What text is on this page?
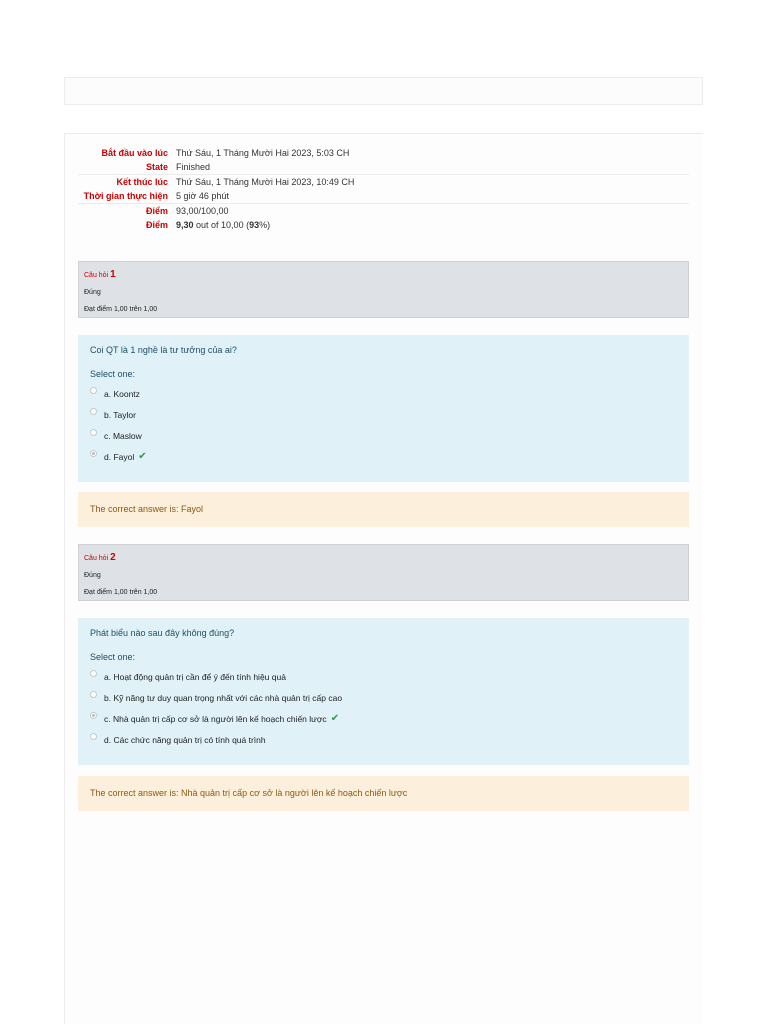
Bắt đầu vào lúc	Thứ Sáu, 1 Tháng Mười Hai 2023, 5:03 CH
State	Finished
Kết thúc lúc	Thứ Sáu, 1 Tháng Mười Hai 2023, 10:49 CH
Thời gian thực hiện	5 giờ 46 phút
Điểm	93,00/100,00
Điểm	9,30 out of 10,00 (93%)
Câu hỏi 1
Đúng
Đạt điểm 1,00 trên 1,00
Coi QT là 1 nghề là tư tưởng của ai?
Select one:
a. Koontz
b. Taylor
c. Maslow
d. Fayol ✔
The correct answer is: Fayol
Câu hỏi 2
Đúng
Đạt điểm 1,00 trên 1,00
Phát biểu nào sau đây không đúng?
Select one:
a. Hoạt động quản trị cần để ý đến tính hiệu quả
b. Kỹ năng tư duy quan trọng nhất với các nhà quản trị cấp cao
c. Nhà quản trị cấp cơ sở là người lên kế hoạch chiến lược ✔
d. Các chức năng quản trị có tính quá trình
The correct answer is: Nhà quản trị cấp cơ sở là người lên kế hoạch chiến lược
